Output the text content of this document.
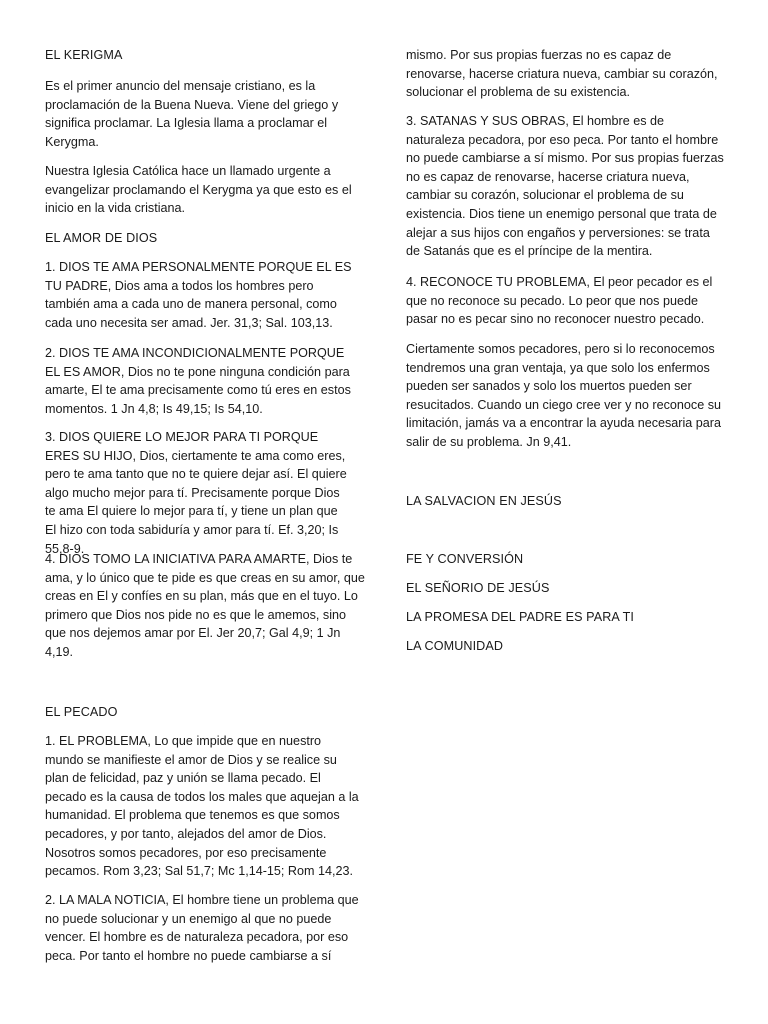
EL KERIGMA

Es el primer anuncio del mensaje cristiano, es la proclamación de la Buena Nueva. Viene del griego y significa proclamar. La Iglesia llama a proclamar el Kerygma.

Nuestra Iglesia Católica hace un llamado urgente a evangelizar proclamando el Kerygma ya que esto es el inicio en la vida cristiana.

EL AMOR DE DIOS

1. DIOS TE AMA PERSONALMENTE PORQUE EL ES TU PADRE, Dios ama a todos los hombres pero también ama a cada uno de manera personal, como cada uno necesita ser amad. Jer. 31,3; Sal. 103,13.

2. DIOS TE AMA INCONDICIONALMENTE PORQUE EL ES AMOR, Dios no te pone ninguna condición para amarte, El te ama precisamente como tú eres en estos momentos. 1 Jn 4,8; Is 49,15; Is 54,10.

3. DIOS QUIERE LO MEJOR PARA TI PORQUE ERES SU HIJO, Dios, ciertamente te ama como eres, pero te ama tanto que no te quiere dejar así. El quiere algo mucho mejor para tí. Precisamente porque Dios te ama El quiere lo mejor para tí, y tiene un plan que El hizo con toda sabiduría y amor para tí. Ef. 3,20; Is 55,8-9.

4. DIOS TOMO LA INICIATIVA PARA AMARTE, Dios te ama, y lo único que te pide es que creas en su amor, que creas en El y confíes en su plan, más que en el tuyo. Lo primero que Dios nos pide no es que le amemos, sino que nos dejemos amar por El. Jer 20,7; Gal 4,9; 1 Jn 4,19.

EL PECADO

1. EL PROBLEMA, Lo que impide que en nuestro mundo se manifieste el amor de Dios y se realice su plan de felicidad, paz y unión se llama pecado. El pecado es la causa de todos los males que aquejan a la humanidad. El problema que tenemos es que somos pecadores, y por tanto, alejados del amor de Dios. Nosotros somos pecadores, por eso precisamente pecamos. Rom 3,23; Sal 51,7; Mc 1,14-15; Rom 14,23.

2. LA MALA NOTICIA, El hombre tiene un problema que no puede solucionar y un enemigo al que no puede vencer. El hombre es de naturaleza pecadora, por eso peca. Por tanto el hombre no puede cambiarse a sí

mismo. Por sus propias fuerzas no es capaz de renovarse, hacerse criatura nueva, cambiar su corazón, solucionar el problema de su existencia.

3. SATANAS Y SUS OBRAS, El hombre es de naturaleza pecadora, por eso peca. Por tanto el hombre no puede cambiarse a sí mismo. Por sus propias fuerzas no es capaz de renovarse, hacerse criatura nueva, cambiar su corazón, solucionar el problema de su existencia. Dios tiene un enemigo personal que trata de alejar a sus hijos con engaños y perversiones: se trata de Satanás que es el príncipe de la mentira.

4. RECONOCE TU PROBLEMA, El peor pecador es el que no reconoce su pecado. Lo peor que nos puede pasar no es pecar sino no reconocer nuestro pecado.

Ciertamente somos pecadores, pero si lo reconocemos tendremos una gran ventaja, ya que solo los enfermos pueden ser sanados y solo los muertos pueden ser resucitados. Cuando un ciego cree ver y no reconoce su limitación, jamás va a encontrar la ayuda necesaria para salir de su problema. Jn 9,41.

LA SALVACION EN JESÚS

FE Y CONVERSIÓN

EL SEÑORIO DE JESÚS

LA PROMESA DEL PADRE ES PARA TI

LA COMUNIDAD
